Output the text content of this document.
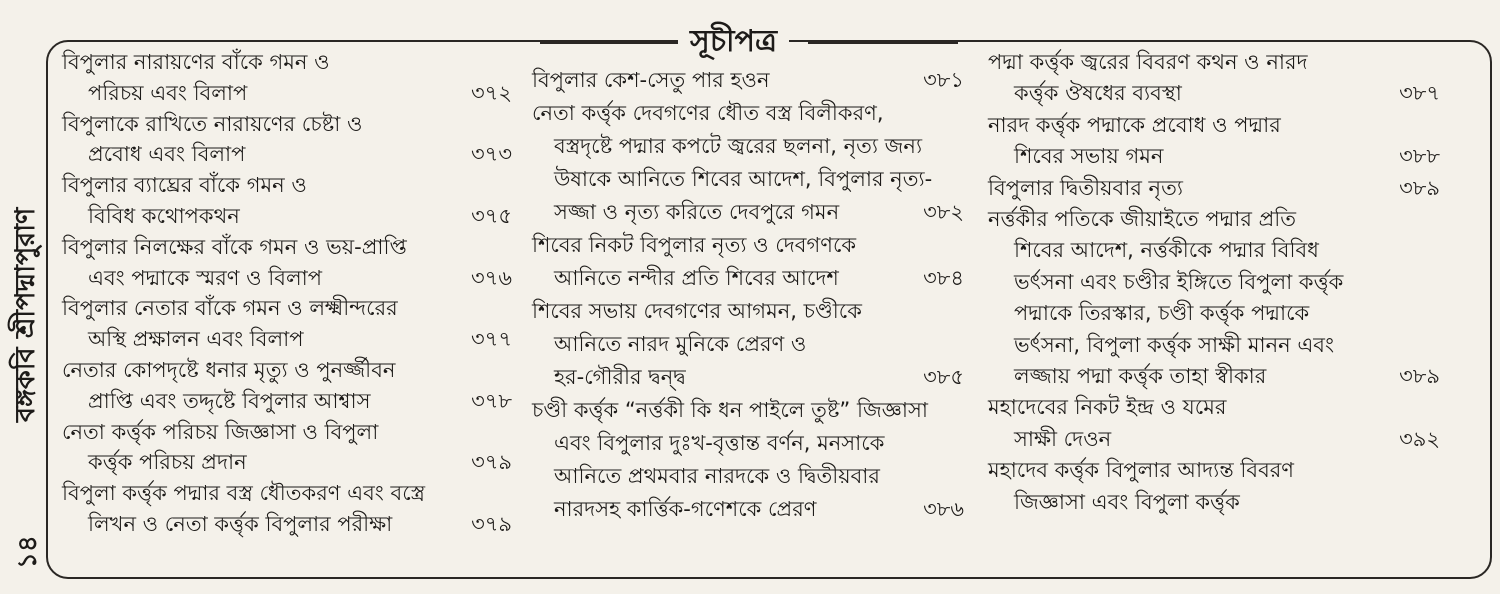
বঙ্গকবি শ্রীপদ্মাপুরাণ
১৪
সূচীপত্র
বিপুলার নারায়ণের বাঁকে গমন ও
পরিচয় এবং বিলাপ	৩৭২
বিপুলাকে রাখিতে নারায়ণের চেষ্টা ও
প্রবোধ এবং বিলাপ	৩৭৩
বিপুলার ব্যাঘ্রের বাঁকে গমন ও
বিবিধ কথোপকথন	৩৭৫
বিপুলার নিলক্ষের বাঁকে গমন ও ভয়-প্রাপ্তি
এবং পদ্মাকে স্মরণ ও বিলাপ	৩৭৬
বিপুলার নেতার বাঁকে গমন ও লক্ষ্মীন্দরের
অস্থি প্রক্ষালন এবং বিলাপ	৩৭৭
নেতার কোপদৃষ্টে ধনার মৃত্যু ও পুনর্জ্জীবন
প্রাপ্তি এবং তদ্দৃষ্টে বিপুলার আশ্বাস	৩৭৮
নেতা কর্ত্তৃক পরিচয় জিজ্ঞাসা ও বিপুলা
কর্ত্তৃক পরিচয় প্রদান	৩৭৯
বিপুলা কর্ত্তৃক পদ্মার বস্ত্র ধৌতকরণ এবং বস্ত্রে
লিখন ও নেতা কর্ত্তৃক বিপুলার পরীক্ষা	৩৭৯
বিপুলার কেশ-সেতু পার হওন	৩৮১
নেতা কর্ত্তৃক দেবগণের ধৌত বস্ত্র বিলীকরণ,
বস্ত্রদৃষ্টে পদ্মার কপটে জ্বরের ছলনা, নৃত্য জন্য
উষাকে আনিতে শিবের আদেশ, বিপুলার নৃত্য-
সজ্জা ও নৃত্য করিতে দেবপুরে গমন	৩৮২
শিবের নিকট বিপুলার নৃত্য ও দেবগণকে
আনিতে নন্দীর প্রতি শিবের আদেশ	৩৮৪
শিবের সভায় দেবগণের আগমন, চণ্ডীকে
আনিতে নারদ মুনিকে প্রেরণ ও
হর-গৌরীর দ্বন্দ্ব	৩৮৫
চণ্ডী কর্ত্তৃক “নর্ত্তকী কি ধন পাইলে তুষ্ট” জিজ্ঞাসা
এবং বিপুলার দুঃখ-বৃত্তান্ত বর্ণন, মনসাকে
আনিতে প্রথমবার নারদকে ও দ্বিতীয়বার
নারদসহ কার্ত্তিক-গণেশকে প্রেরণ	৩৮৬
পদ্মা কর্ত্তৃক জ্বরের বিবরণ কথন ও নারদ
কর্ত্তৃক ঔষধের ব্যবস্থা	৩৮৭
নারদ কর্ত্তৃক পদ্মাকে প্রবোধ ও পদ্মার
শিবের সভায় গমন	৩৮৮
বিপুলার দ্বিতীয়বার নৃত্য	৩৮৯
নর্ত্তকীর পতিকে জীয়াইতে পদ্মার প্রতি
শিবের আদেশ, নর্ত্তকীকে পদ্মার বিবিধ
ভর্ৎসনা এবং চণ্ডীর ইঙ্গিতে বিপুলা কর্ত্তৃক
পদ্মাকে তিরস্কার, চণ্ডী কর্ত্তৃক পদ্মাকে
ভর্ৎসনা, বিপুলা কর্ত্তৃক সাক্ষী মানন এবং
লজ্জায় পদ্মা কর্ত্তৃক তাহা স্বীকার	৩৮৯
মহাদেবের নিকট ইন্দ্র ও যমের
সাক্ষী দেওন	৩৯২
মহাদেব কর্ত্তৃক বিপুলার আদ্যন্ত বিবরণ
জিজ্ঞাসা এবং বিপুলা কর্ত্তৃক
